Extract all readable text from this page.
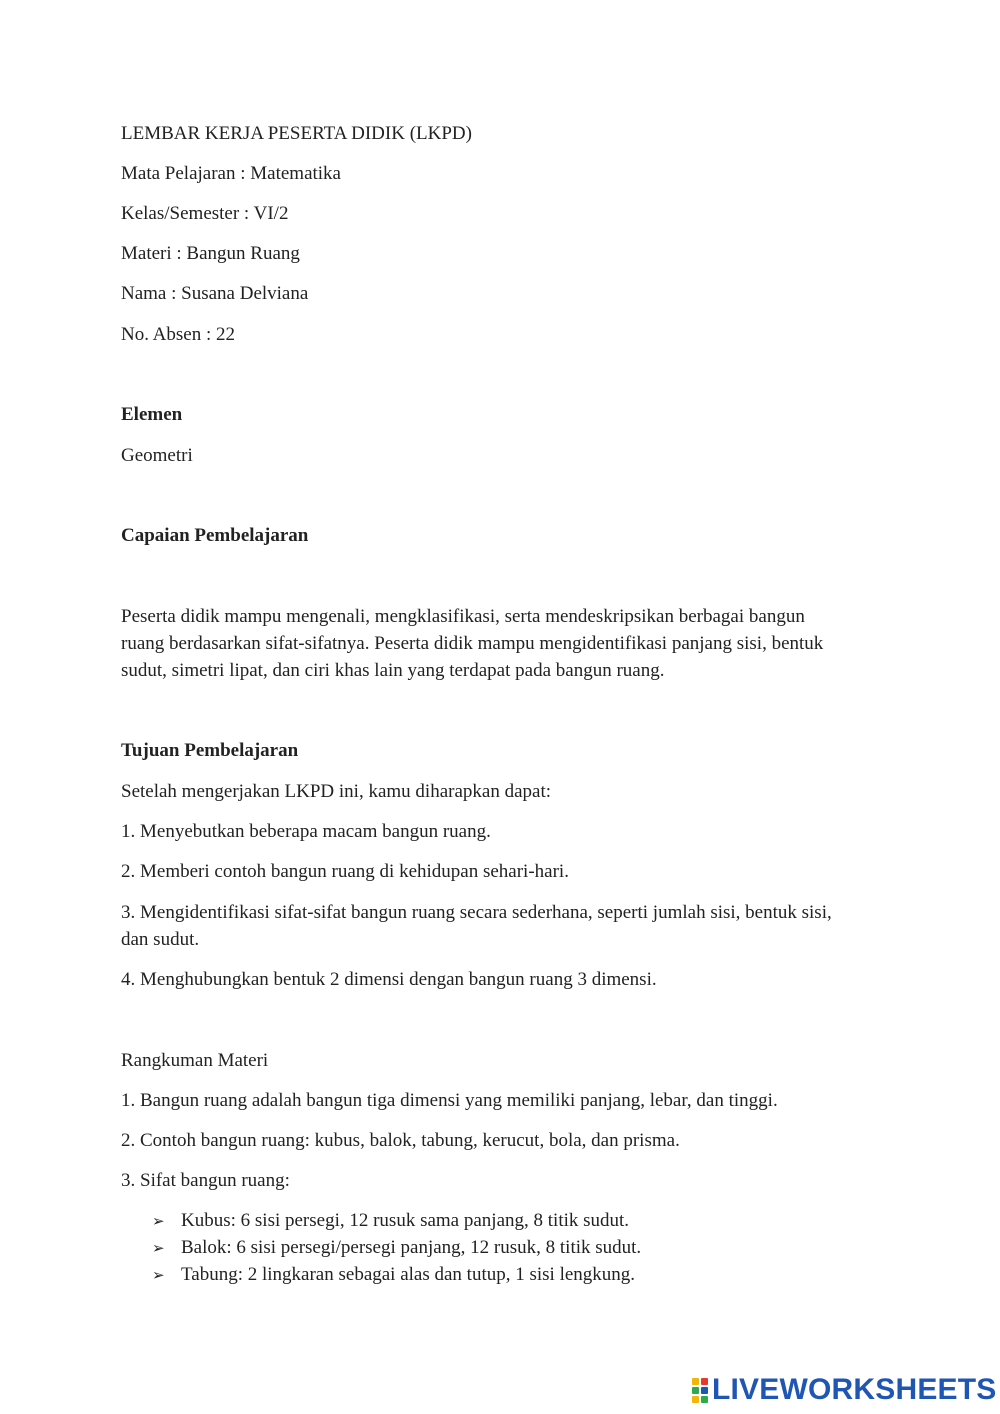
LEMBAR KERJA PESERTA DIDIK (LKPD)
Mata Pelajaran : Matematika
Kelas/Semester : VI/2
Materi : Bangun Ruang
Nama : Susana Delviana
No. Absen : 22
Elemen
Geometri
Capaian Pembelajaran
Peserta didik mampu mengenali, mengklasifikasi, serta mendeskripsikan berbagai bangun
ruang berdasarkan sifat-sifatnya. Peserta didik mampu mengidentifikasi panjang sisi, bentuk
sudut, simetri lipat, dan ciri khas lain yang terdapat pada bangun ruang.
Tujuan Pembelajaran
Setelah mengerjakan LKPD ini, kamu diharapkan dapat:
1. Menyebutkan beberapa macam bangun ruang.
2. Memberi contoh bangun ruang di kehidupan sehari-hari.
3. Mengidentifikasi sifat-sifat bangun ruang secara sederhana, seperti jumlah sisi, bentuk sisi,
dan sudut.
4. Menghubungkan bentuk 2 dimensi dengan bangun ruang 3 dimensi.
Rangkuman Materi
1. Bangun ruang adalah bangun tiga dimensi yang memiliki panjang, lebar, dan tinggi.
2. Contoh bangun ruang: kubus, balok, tabung, kerucut, bola, dan prisma.
3. Sifat bangun ruang:
➢ Kubus: 6 sisi persegi, 12 rusuk sama panjang, 8 titik sudut.
➢ Balok: 6 sisi persegi/persegi panjang, 12 rusuk, 8 titik sudut.
➢ Tabung: 2 lingkaran sebagai alas dan tutup, 1 sisi lengkung.
LIVEWORKSHEETS
